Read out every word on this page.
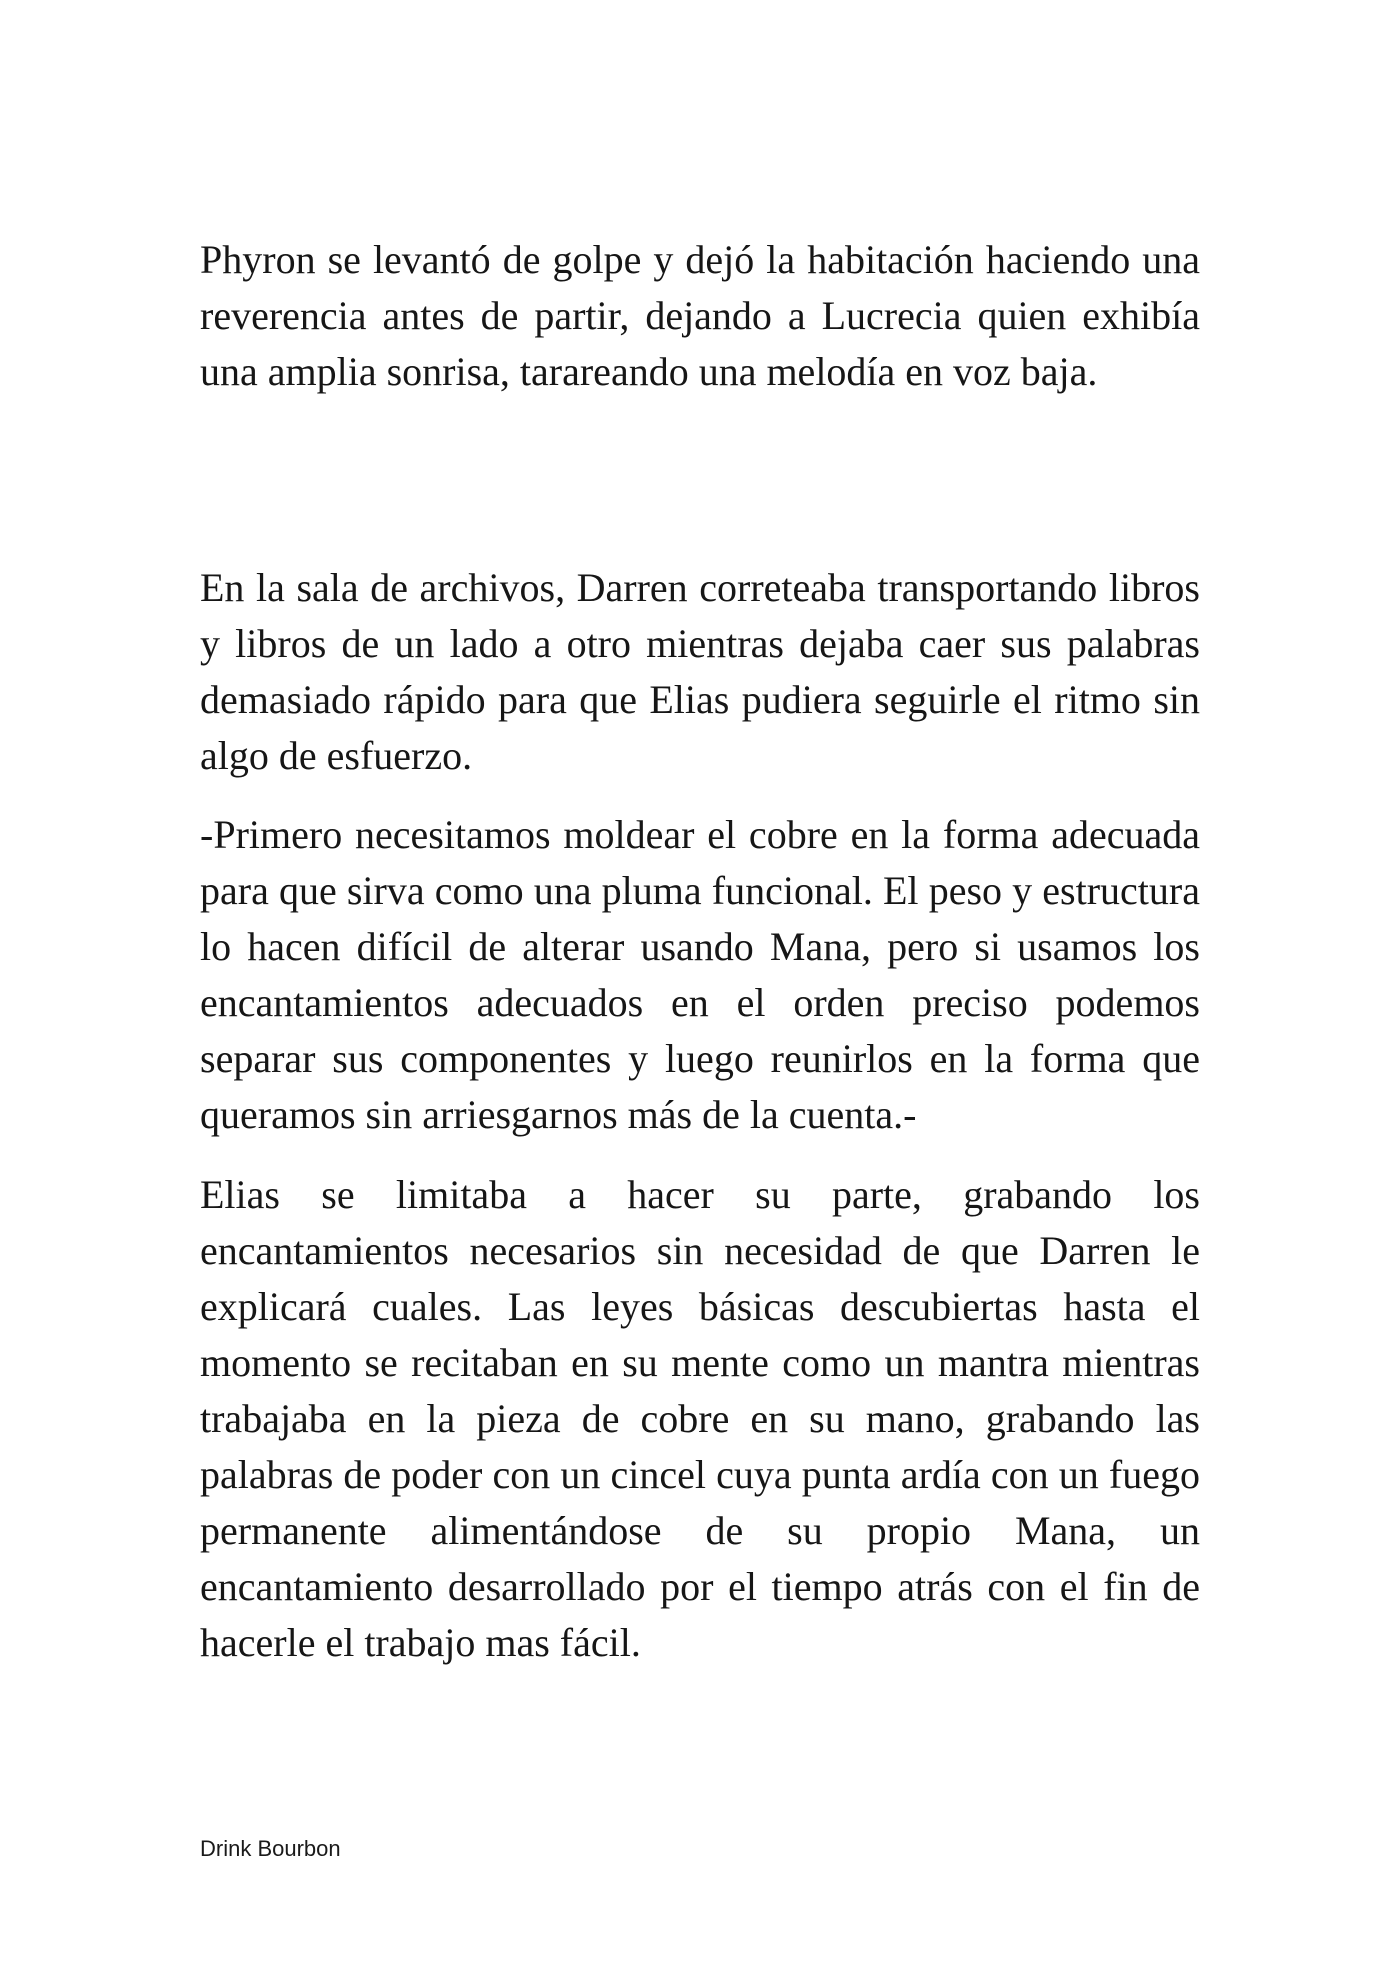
Phyron se levantó de golpe y dejó la habitación haciendo una reverencia antes de partir, dejando a Lucrecia quien exhibía una amplia sonrisa, tarareando una melodía en voz baja.

En la sala de archivos, Darren correteaba transportando libros y libros de un lado a otro mientras dejaba caer sus palabras demasiado rápido para que Elias pudiera seguirle el ritmo sin algo de esfuerzo.

-Primero necesitamos moldear el cobre en la forma adecuada para que sirva como una pluma funcional. El peso y estructura lo hacen difícil de alterar usando Mana, pero si usamos los encantamientos adecuados en el orden preciso podemos separar sus componentes y luego reunirlos en la forma que queramos sin arriesgarnos más de la cuenta.-

Elias se limitaba a hacer su parte, grabando los encantamientos necesarios sin necesidad de que Darren le explicará cuales. Las leyes básicas descubiertas hasta el momento se recitaban en su mente como un mantra mientras trabajaba en la pieza de cobre en su mano, grabando las palabras de poder con un cincel cuya punta ardía con un fuego permanente alimentándose de su propio Mana, un encantamiento desarrollado por el tiempo atrás con el fin de hacerle el trabajo mas fácil.

Drink Bourbon
